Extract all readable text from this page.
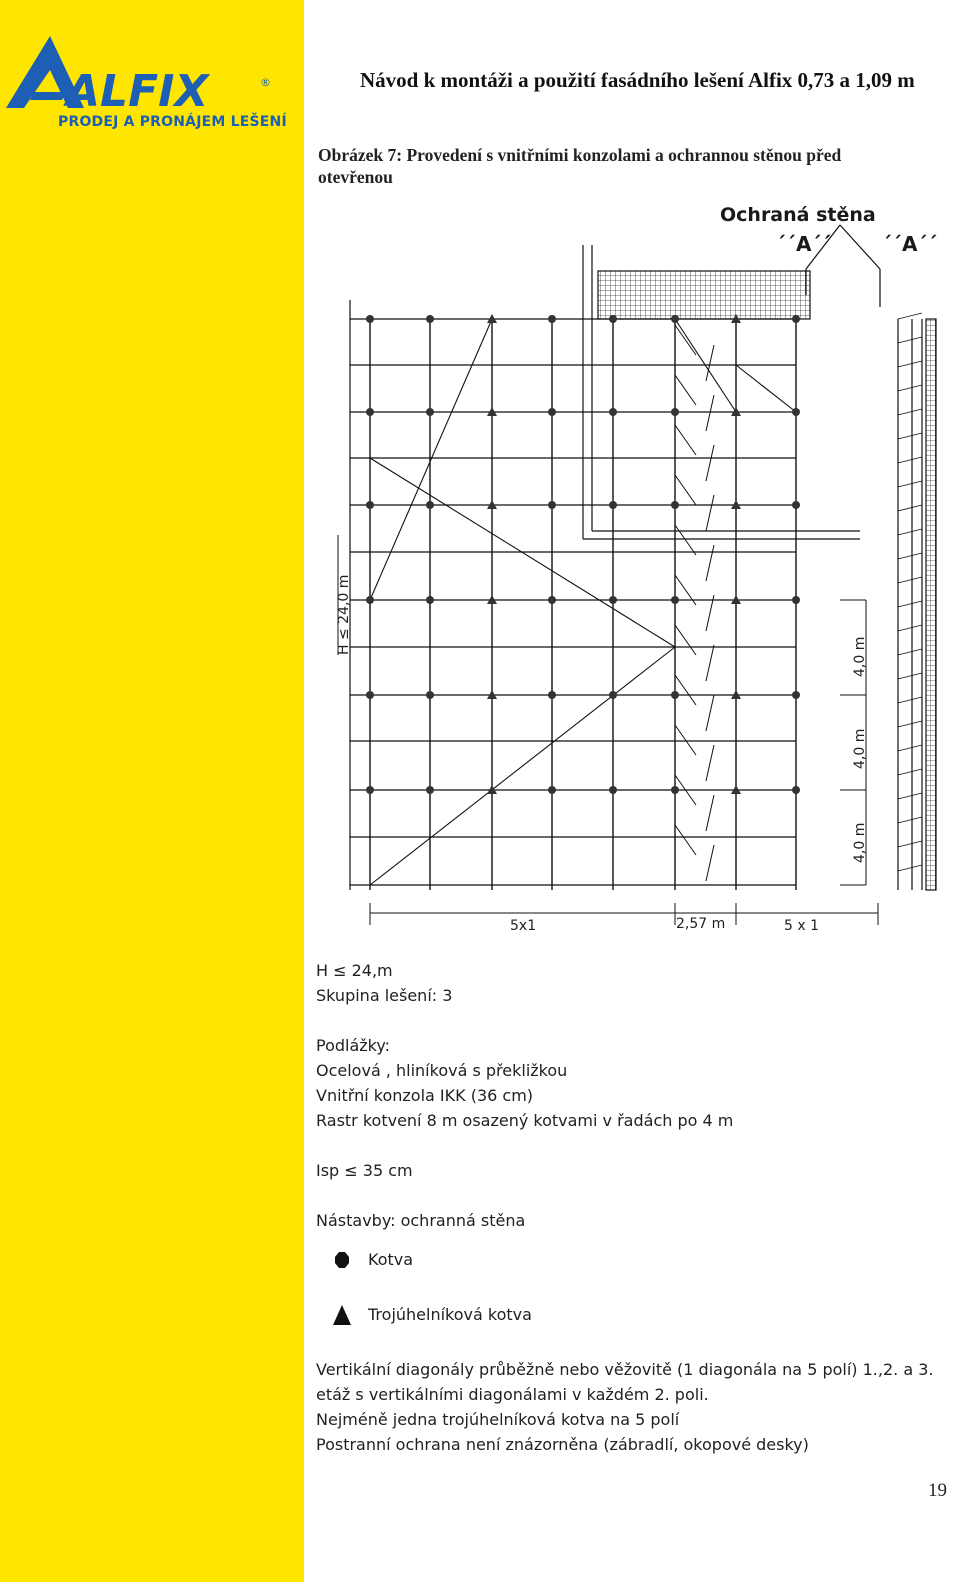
ALFIX	®
PRODEJ A PRONÁJEM LEŠENÍ
Návod k montáži a použití fasádního lešení Alfix 0,73 a 1,09 m
Obrázek 7: Provedení s vnitřními konzolami a ochrannou stěnou před otevřenou
Ochraná stěna
´´A´´	´´A´´
H ≤ 24,0 m
4,0 m
4,0 m
4,0 m
5x1	2,57 m	5 x 1

H ≤ 24,m

Skupina lešení: 3

Podlážky:

Ocelová , hliníková s překližkou

Vnitřní konzola IKK (36 cm)

Rastr kotvení 8 m osazený kotvami v řadách po 4 m

Isp ≤ 35 cm

Nástavby: ochranná stěna

Kotva
Trojúhelníková kotva

Vertikální diagonály průběžně nebo věžovitě (1 diagonála na 5 polí) 1.,2. a 3.

etáž s vertikálními diagonálami v každém 2. poli.

Nejméně jedna trojúhelníková kotva na 5 polí

Postranní ochrana není znázorněna (zábradlí, okopové desky)

19
